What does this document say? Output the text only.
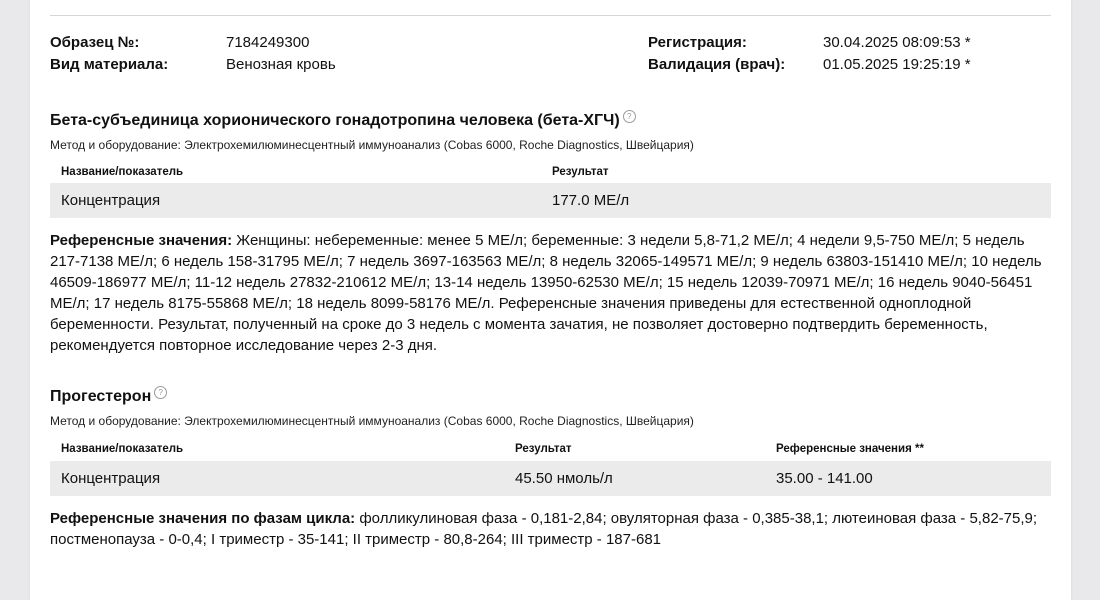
Образец №:	7184249300
Вид материала:	Венозная кровь
Регистрация:	30.04.2025 08:09:53 *
Валидация (врач):	01.05.2025 19:25:19 *
Бета-субъединица хорионического гонадотропина человека (бета-ХГЧ) ?
Метод и оборудование: Электрохемилюминесцентный иммуноанализ (Cobas 6000, Roche Diagnostics, Швейцария)
Название/показатель	Результат
Концентрация	177.0 МЕ/л
Референсные значения: Женщины: небеременные: менее 5 МЕ/л; беременные: 3 недели 5,8-71,2 МЕ/л; 4 недели 9,5-750 МЕ/л; 5 недель 217-7138 МЕ/л; 6 недель 158-31795 МЕ/л; 7 недель 3697-163563 МЕ/л; 8 недель 32065-149571 МЕ/л; 9 недель 63803-151410 МЕ/л; 10 недель 46509-186977 МЕ/л; 11-12 недель 27832-210612 МЕ/л; 13-14 недель 13950-62530 МЕ/л; 15 недель 12039-70971 МЕ/л; 16 недель 9040-56451 МЕ/л; 17 недель 8175-55868 МЕ/л; 18 недель 8099-58176 МЕ/л. Референсные значения приведены для естественной одноплодной беременности. Результат, полученный на сроке до 3 недель с момента зачатия, не позволяет достоверно подтвердить беременность, рекомендуется повторное исследование через 2-3 дня.
Прогестерон ?
Метод и оборудование: Электрохемилюминесцентный иммуноанализ (Cobas 6000, Roche Diagnostics, Швейцария)
Название/показатель	Результат	Референсные значения **
Концентрация	45.50 нмоль/л	35.00 - 141.00
Референсные значения по фазам цикла: фолликулиновая фаза - 0,181-2,84; овуляторная фаза - 0,385-38,1; лютеиновая фаза - 5,82-75,9; постменопауза - 0-0,4; I триместр - 35-141; II триместр - 80,8-264; III триместр - 187-681
